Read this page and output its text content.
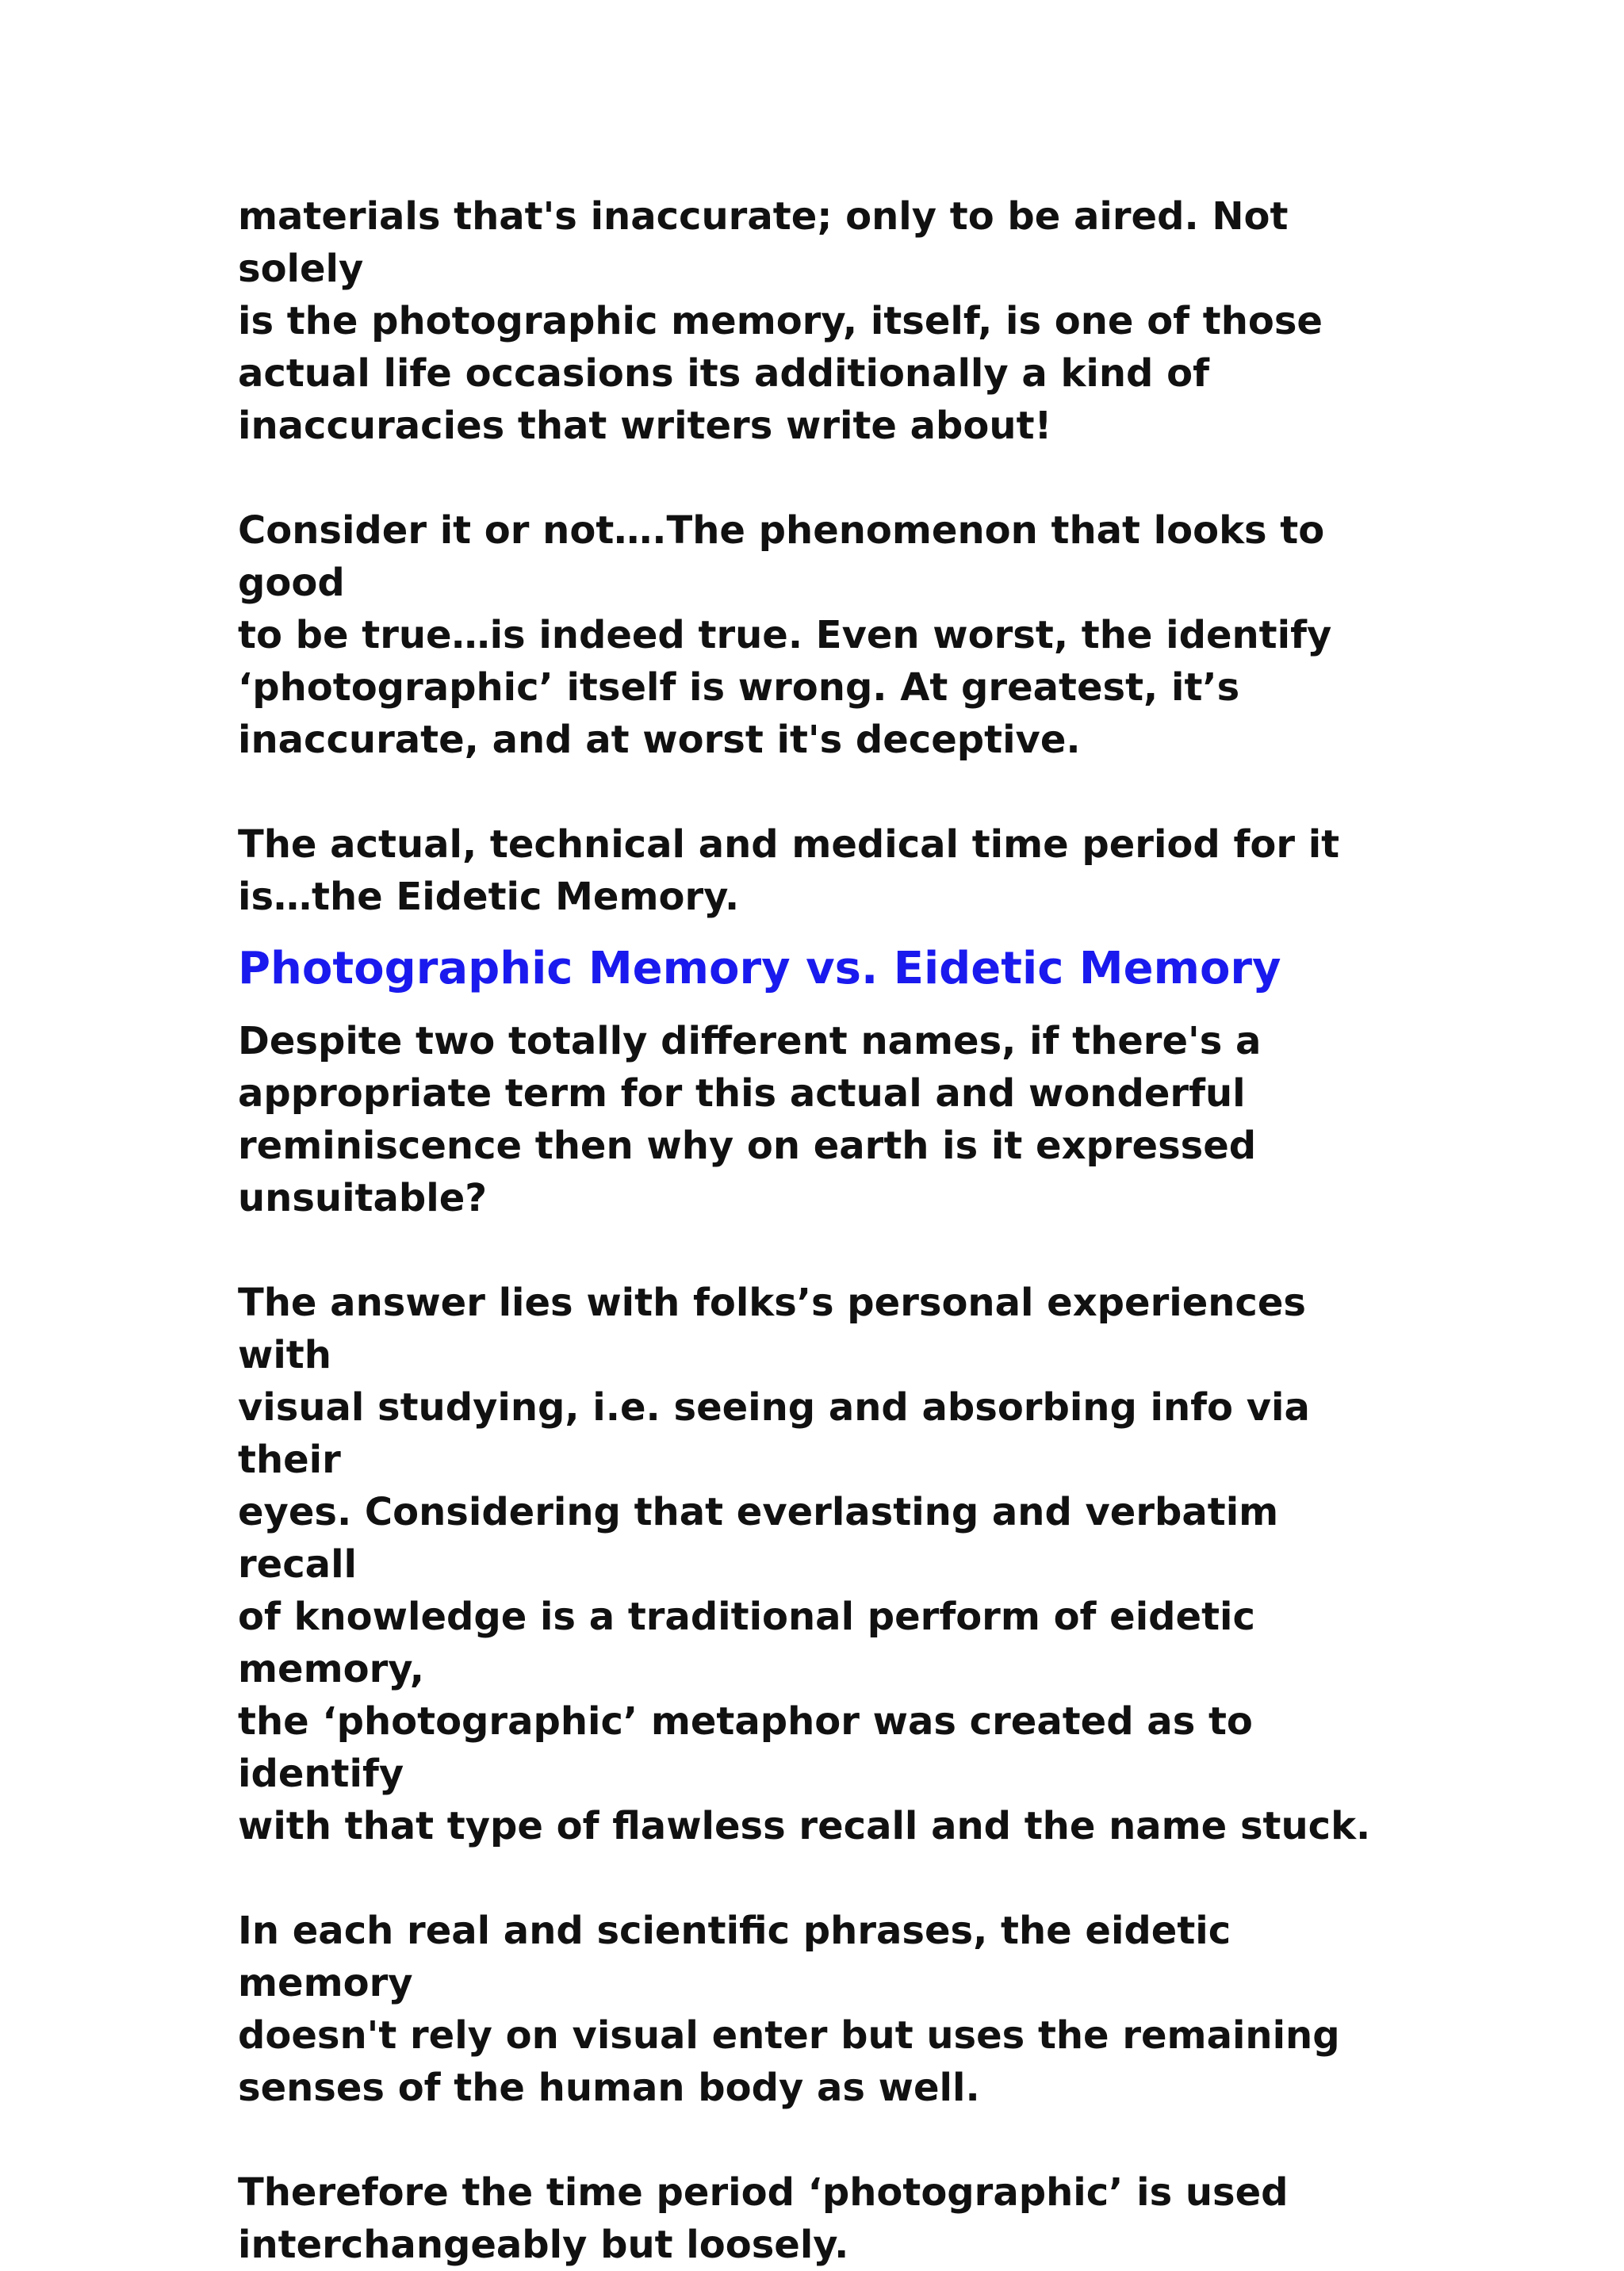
materials that's inaccurate; only to be aired. Not solely
is the photographic memory, itself, is one of those
actual life occasions its additionally a kind of
inaccuracies that writers write about!

Consider it or not….The phenomenon that looks to good
to be true…is indeed true. Even worst, the identify
‘photographic’ itself is wrong. At greatest, it’s
inaccurate, and at worst it's deceptive.

The actual, technical and medical time period for it
is…the Eidetic Memory.

Photographic Memory vs. Eidetic Memory

Despite two totally different names, if there's a
appropriate term for this actual and wonderful
reminiscence then why on earth is it expressed
unsuitable?

The answer lies with folks’s personal experiences with
visual studying, i.e. seeing and absorbing info via their
eyes. Considering that everlasting and verbatim recall
of knowledge is a traditional perform of eidetic memory,
the ‘photographic’ metaphor was created as to identify
with that type of flawless recall and the name stuck.

In each real and scientific phrases, the eidetic memory
doesn't rely on visual enter but uses the remaining
senses of the human body as well.

Therefore the time period ‘photographic’ is used
interchangeably but loosely.
